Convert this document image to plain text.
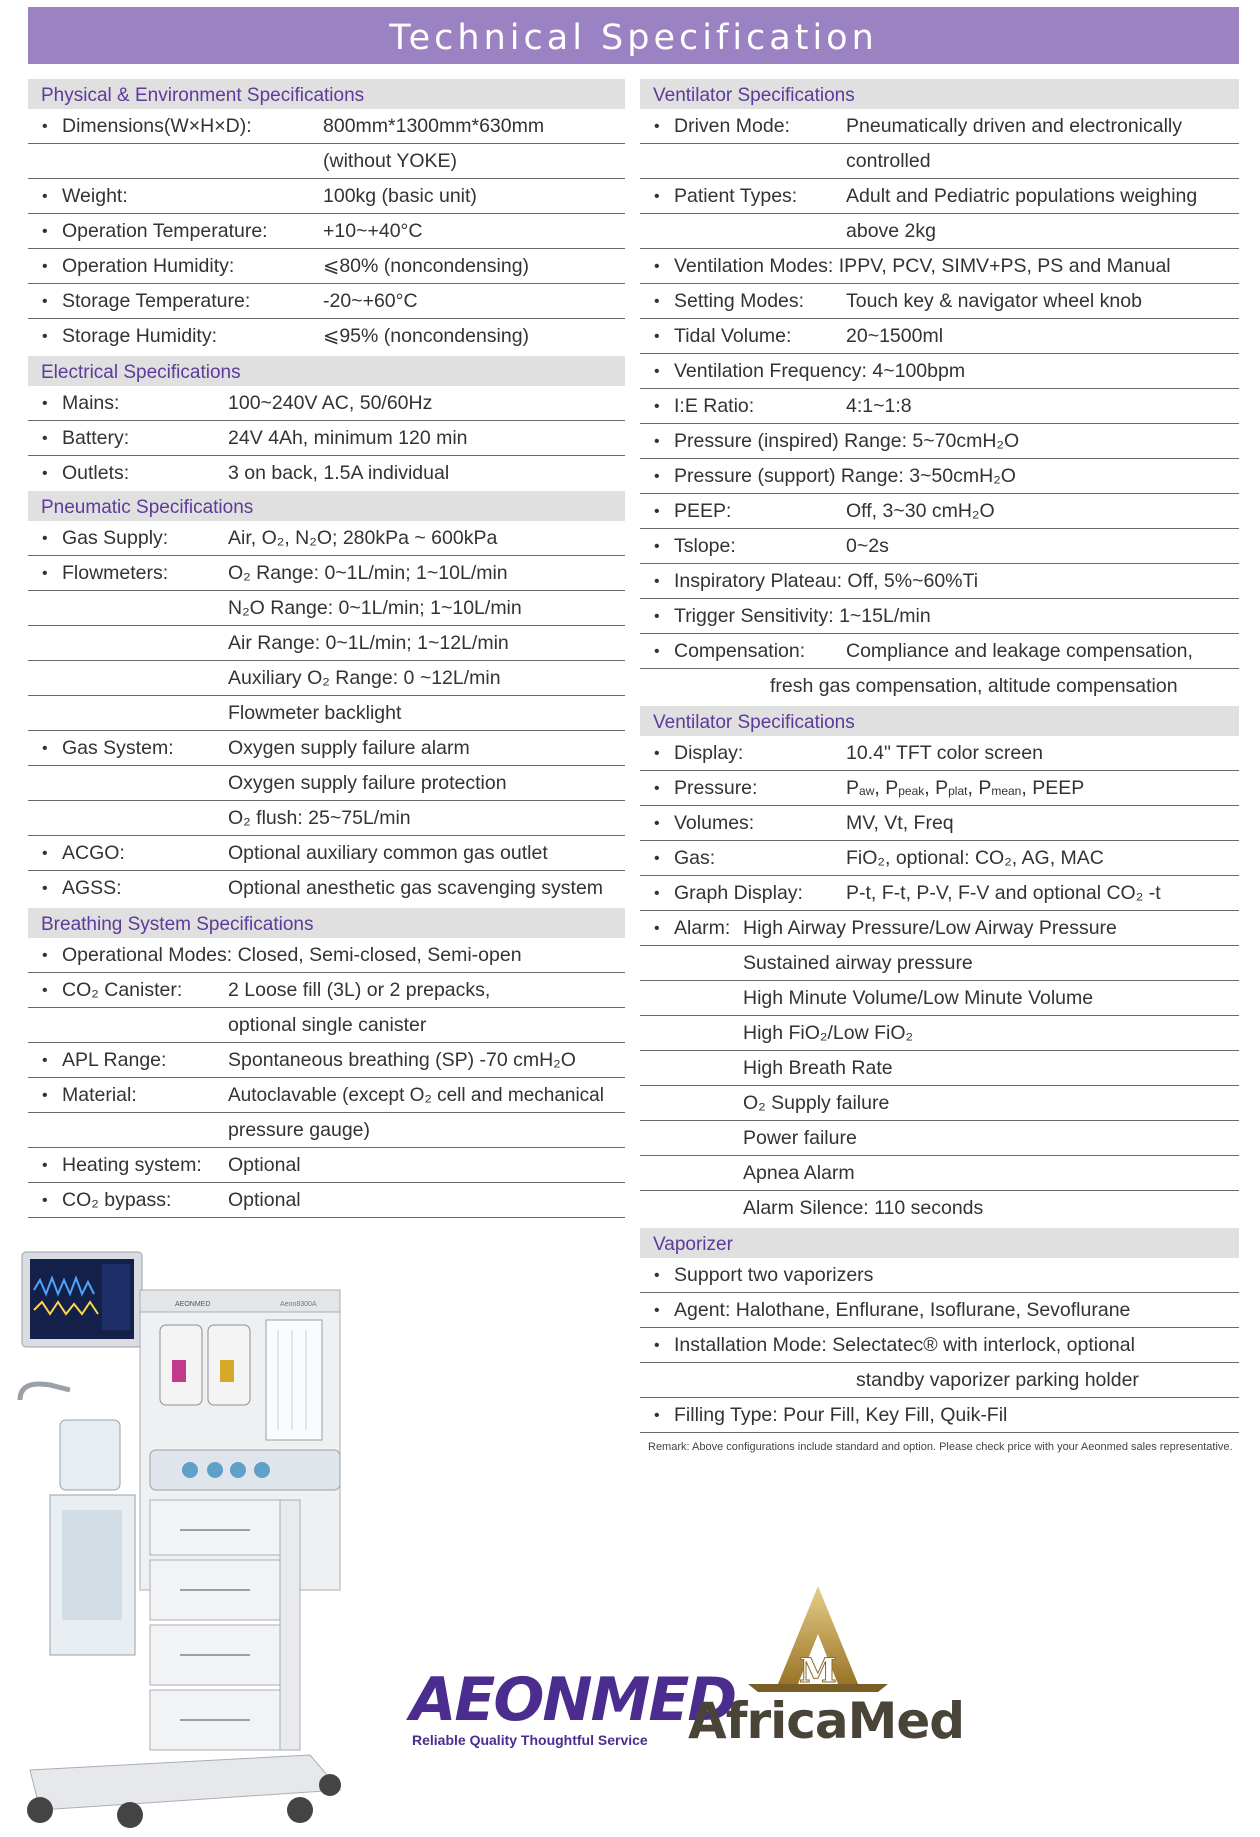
Technical Specification
Physical & Environment Specifications
• Dimensions(W×H×D):	800mm*1300mm*630mm
(without YOKE)
• Weight:	100kg (basic unit)
• Operation Temperature:	+10~+40°C
• Operation Humidity:	⩽80% (noncondensing)
• Storage Temperature:	-20~+60°C
• Storage Humidity:	⩽95% (noncondensing)
Electrical Specifications
• Mains:	100~240V AC, 50/60Hz
• Battery:	24V 4Ah, minimum 120 min
• Outlets:	3 on back, 1.5A individual
Pneumatic Specifications
• Gas Supply:	Air, O₂, N₂O; 280kPa ~ 600kPa
• Flowmeters:	O₂ Range: 0~1L/min; 1~10L/min
N₂O Range: 0~1L/min; 1~10L/min
Air Range: 0~1L/min; 1~12L/min
Auxiliary O₂ Range: 0 ~12L/min
Flowmeter backlight
• Gas System:	Oxygen supply failure alarm
Oxygen supply failure protection
O₂ flush: 25~75L/min
• ACGO:	Optional auxiliary common gas outlet
• AGSS:	Optional anesthetic gas scavenging system
Breathing System Specifications
• Operational Modes: Closed, Semi-closed, Semi-open
• CO₂ Canister: 2 Loose fill (3L) or 2 prepacks,
optional single canister
• APL Range:	Spontaneous breathing (SP) -70 cmH₂O
• Material:	Autoclavable (except O₂ cell and mechanical
pressure gauge)
• Heating system: Optional
• CO₂ bypass:	Optional
Ventilator Specifications
• Driven Mode:	Pneumatically driven and electronically
controlled
• Patient Types:	Adult and Pediatric populations weighing
above 2kg
• Ventilation Modes: IPPV, PCV, SIMV+PS, PS and Manual
• Setting Modes: Touch key & navigator wheel knob
• Tidal Volume:	20~1500ml
• Ventilation Frequency: 4~100bpm
• I:E Ratio:	4:1~1:8
• Pressure (inspired) Range: 5~70cmH₂O
• Pressure (support) Range: 3~50cmH₂O
• PEEP:	Off, 3~30 cmH₂O
• Tslope:	0~2s
• Inspiratory Plateau: Off, 5%~60%Ti
• Trigger Sensitivity: 1~15L/min
• Compensation: Compliance and leakage compensation,
fresh gas compensation, altitude compensation
Ventilator Specifications
• Display:	10.4" TFT color screen
• Pressure:	$P_{aw}$, $P_{peak}$, $P_{plat}$, $P_{mean}$, PEEP
• Volumes:	MV, Vt, Freq
• Gas:	FiO₂, optional: CO₂, AG, MAC
• Graph Display: P-t, F-t, P-V, F-V and optional CO₂ -t
• Alarm: High Airway Pressure/Low Airway Pressure
Sustained airway pressure
High Minute Volume/Low Minute Volume
High FiO₂/Low FiO₂
High Breath Rate
O₂ Supply failure
Power failure
Apnea Alarm
Alarm Silence: 110 seconds
Vaporizer
• Support two vaporizers
• Agent: Halothane, Enflurane, Isoflurane, Sevoflurane
• Installation Mode: Selectatec® with interlock, optional
standby vaporizer parking holder
• Filling Type: Pour Fill, Key Fill, Quik-Fil
Remark: Above configurations include standard and option. Please check price with your Aeonmed sales representative.
AEONMED	Aeon8300A
AEONMED
Reliable Quality Thoughtful Service
M
AfricaMed
